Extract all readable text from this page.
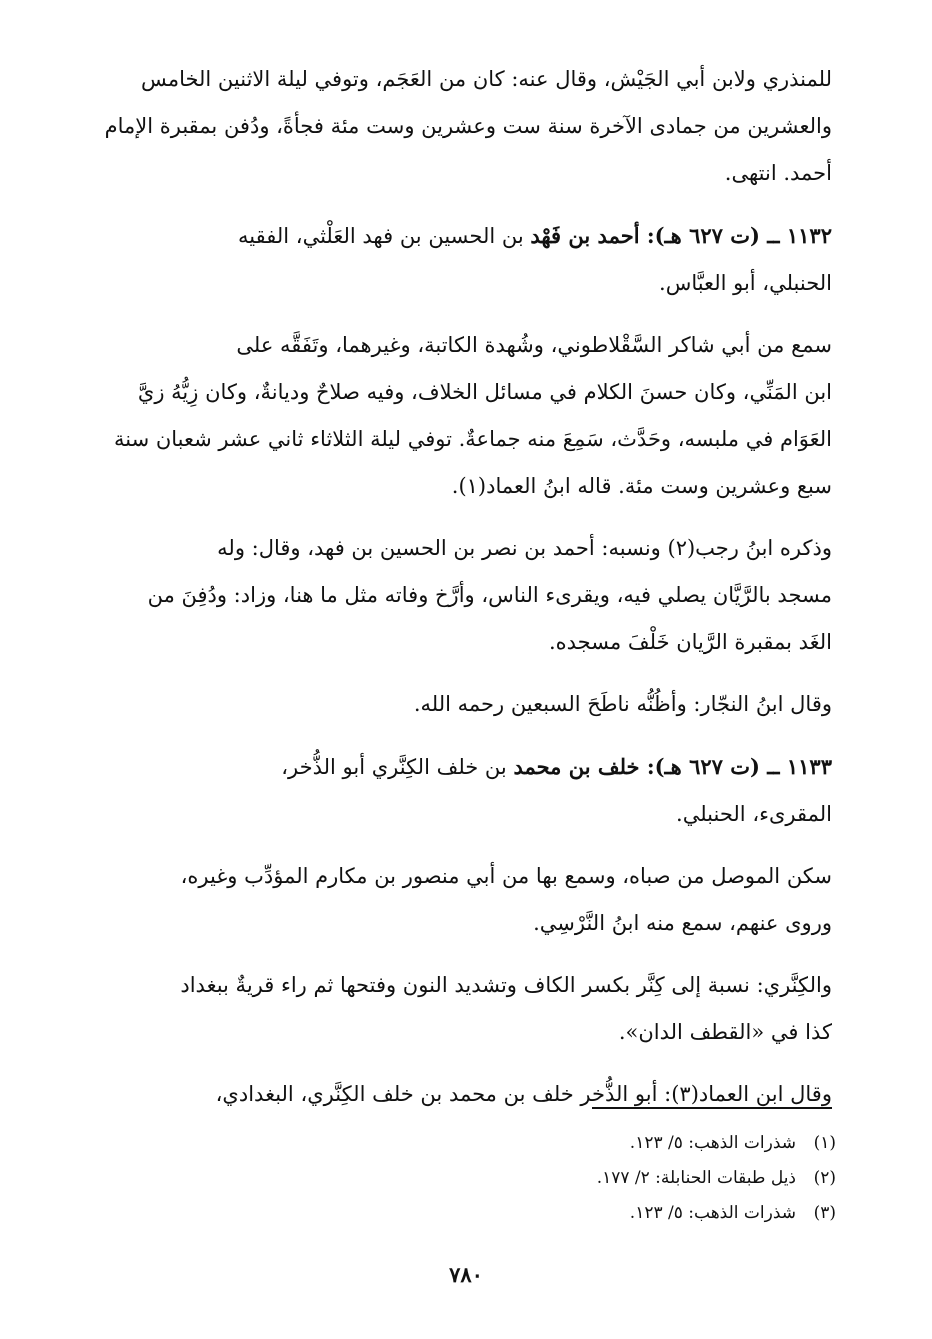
للمنذري ولابن أبي الجَيْش، وقال عنه: كان من العَجَم، وتوفي ليلة الاثنين الخامس
والعشرين من جمادى الآخرة سنة ست وعشرين وست مئة فجأةً، ودُفن بمقبرة الإمام
أحمد. انتهى.
١١٣٢ ــ (ت ٦٢٧ هـ): أحمد بن فَهْد بن الحسين بن فهد العَلْثي، الفقيه
الحنبلي، أبو العبَّاس.
سمع من أبي شاكر السَّقْلاطوني، وشُهدة الكاتبة، وغيرهما، وتَفَقَّه على
ابن المَنِّي، وكان حسنَ الكلام في مسائل الخلاف، وفيه صلاحٌ وديانةٌ، وكان زِيُّهُ زيَّ
العَوَام في ملبسه، وحَدَّث، سَمِعَ منه جماعةٌ. توفي ليلة الثلاثاء ثاني عشر شعبان سنة
سبع وعشرين وست مئة. قاله ابنُ العماد(١).
وذكره ابنُ رجب(٢) ونسبه: أحمد بن نصر بن الحسين بن فهد، وقال: وله
مسجد بالرَّيَّان يصلي فيه، ويقرىء الناس، وأرَّخ وفاته مثل ما هنا، وزاد: ودُفِنَ من
الغَد بمقبرة الرَّيان خَلْفَ مسجده.
وقال ابنُ النجّار: وأظُنُّه ناطَحَ السبعين رحمه الله.
١١٣٣ ــ (ت ٦٢٧ هـ): خلف بن محمد بن خلف الكِنَّري أبو الذُّخر،
المقرىء، الحنبلي.
سكن الموصل من صباه، وسمع بها من أبي منصور بن مكارم المؤدِّب وغيره،
وروى عنهم، سمع منه ابنُ النَّرْسِي.
والكِنَّري: نسبة إلى كِنَّر بكسر الكاف وتشديد النون وفتحها ثم راء قريةٌ ببغداد
كذا في «القطف الدان».
وقال ابن العماد(٣): أبو الذُّخر خلف بن محمد بن خلف الكِنَّري، البغدادي،
(١)شذرات الذهب: ٥/ ١٢٣.
(٢)ذيل طبقات الحنابلة: ٢/ ١٧٧.
(٣)شذرات الذهب: ٥/ ١٢٣.
٧٨٠
